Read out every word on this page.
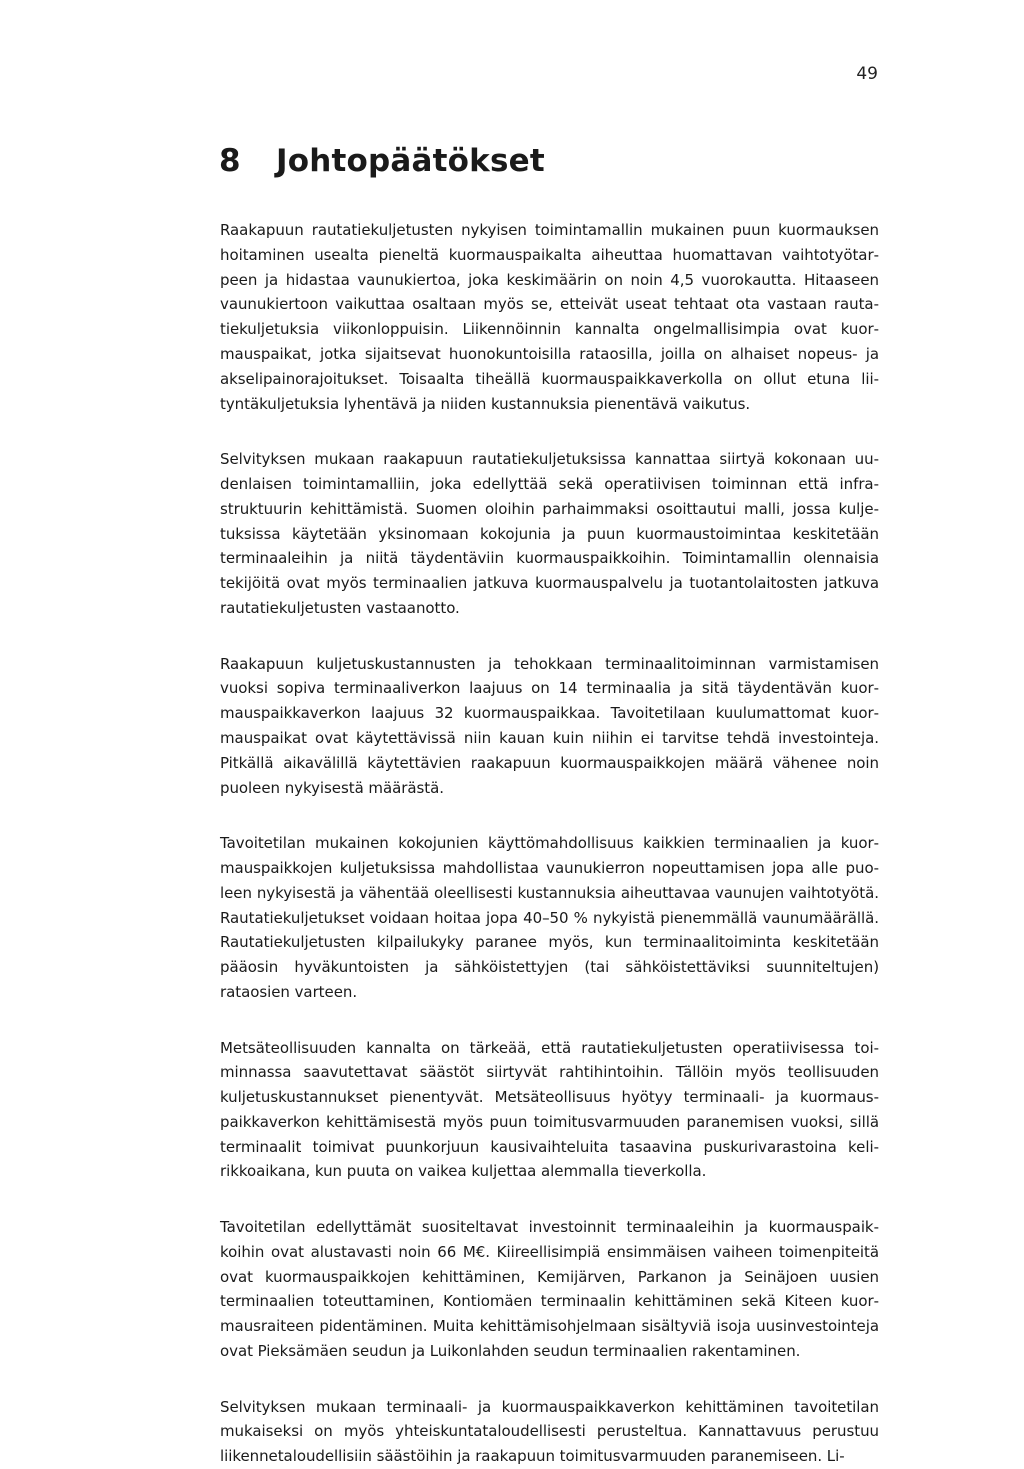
49
8 Johtopäätökset

Raakapuun rautatiekuljetusten nykyisen toimintamallin mukainen puun kuormauksen hoitaminen usealta pieneltä kuormauspaikalta aiheuttaa huomattavan vaihtotyötarpeen ja hidastaa vaunukiertoa, joka keskimäärin on noin 4,5 vuorokautta. Hitaaseen vaunukiertoon vaikuttaa osaltaan myös se, etteivät useat tehtaat ota vastaan rautatiekuljetuksia viikonloppuisin. Liikennöinnin kannalta ongelmallisimpia ovat kuormauspaikat, jotka sijaitsevat huonokuntoisilla rataosilla, joilla on alhaiset nopeus- ja akselipainorajoitukset. Toisaalta tiheällä kuormauspaikkaverkolla on ollut etuna liityntäkuljetuksia lyhentävä ja niiden kustannuksia pienentävä vaikutus.

Selvityksen mukaan raakapuun rautatiekuljetuksissa kannattaa siirtyä kokonaan uudenlaisen toimintamalliin, joka edellyttää sekä operatiivisen toiminnan että infrastruktuurin kehittämistä. Suomen oloihin parhaimmaksi osoittautui malli, jossa kuljetuksissa käytetään yksinomaan kokojunia ja puun kuormaustoimintaa keskitetään terminaaleihin ja niitä täydentäviin kuormauspaikkoihin. Toimintamallin olennaisia tekijöitä ovat myös terminaalien jatkuva kuormauspalvelu ja tuotantolaitosten jatkuva rautatiekuljetusten vastaanotto.

Raakapuun kuljetuskustannusten ja tehokkaan terminaalitoiminnan varmistamisen vuoksi sopiva terminaaliverkon laajuus on 14 terminaalia ja sitä täydentävän kuormauspaikkaverkon laajuus 32 kuormauspaikkaa. Tavoitetilaan kuulumattomat kuormauspaikat ovat käytettävissä niin kauan kuin niihin ei tarvitse tehdä investointeja. Pitkällä aikavälillä käytettävien raakapuun kuormauspaikkojen määrä vähenee noin puoleen nykyisestä määrästä.

Tavoitetilan mukainen kokojunien käyttömahdollisuus kaikkien terminaalien ja kuormauspaikkojen kuljetuksissa mahdollistaa vaunukierron nopeuttamisen jopa alle puoleen nykyisestä ja vähentää oleellisesti kustannuksia aiheuttavaa vaunujen vaihtotyötä. Rautatiekuljetukset voidaan hoitaa jopa 40–50 % nykyistä pienemmällä vaunumäärällä. Rautatiekuljetusten kilpailukyky paranee myös, kun terminaalitoiminta keskitetään pääosin hyväkuntoisten ja sähköistettyjen (tai sähköistettäviksi suunniteltujen) rataosien varteen.

Metsäteollisuuden kannalta on tärkeää, että rautatiekuljetusten operatiivisessa toiminnassa saavutettavat säästöt siirtyvät rahtihintoihin. Tällöin myös teollisuuden kuljetuskustannukset pienentyvät. Metsäteollisuus hyötyy terminaali- ja kuormauspaikkaverkon kehittämisestä myös puun toimitusvarmuuden paranemisen vuoksi, sillä terminaalit toimivat puunkorjuun kausivaihteluita tasaavina puskurivarastoina kelirikkoaikana, kun puuta on vaikea kuljettaa alemmalla tieverkolla.

Tavoitetilan edellyttämät suositeltavat investoinnit terminaaleihin ja kuormauspaikkoihin ovat alustavasti noin 66 M€. Kiireellisimpiä ensimmäisen vaiheen toimenpiteitä ovat kuormauspaikkojen kehittäminen, Kemijärven, Parkanon ja Seinäjoen uusien terminaalien toteuttaminen, Kontiomäen terminaalin kehittäminen sekä Kiteen kuormausraiteen pidentäminen. Muita kehittämisohjelmaan sisältyviä isoja uusinvestointeja ovat Pieksämäen seudun ja Luikonlahden seudun terminaalien rakentaminen.

Selvityksen mukaan terminaali- ja kuormauspaikkaverkon kehittäminen tavoitetilan mukaiseksi on myös yhteiskuntataloudellisesti perusteltua. Kannattavuus perustuu liikennetaloudellisiin säästöihin ja raakapuun toimitusvarmuuden paranemiseen. Li-
